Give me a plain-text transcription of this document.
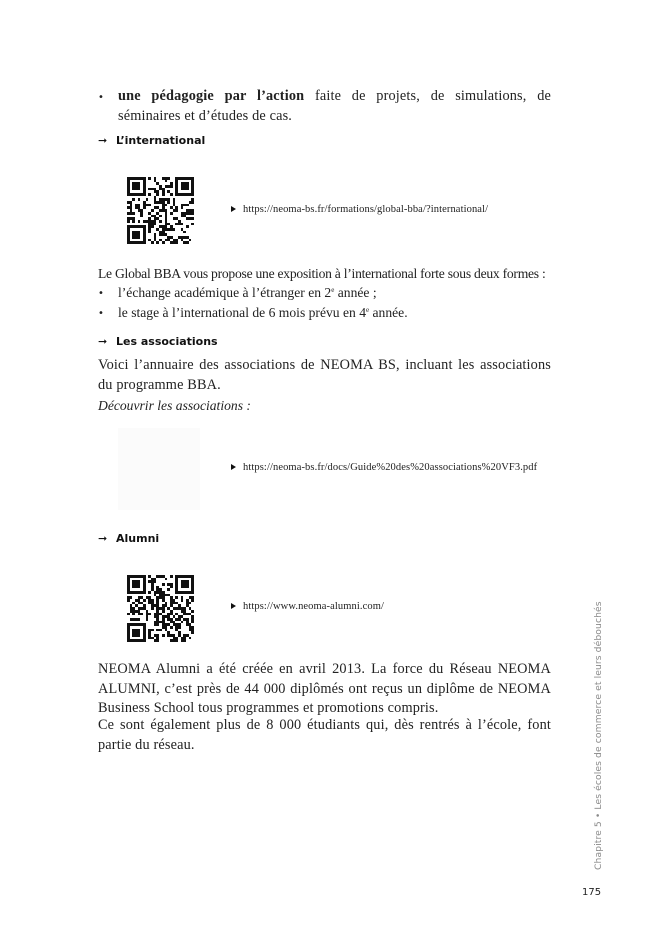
• une pédagogie par l’action faite de projets, de simulations, de séminaires et d’études de cas.
➞ L’international
https://neoma-bs.fr/formations/global-bba/?international/
Le Global BBA vous propose une exposition à l’international forte sous deux formes :
• l’échange académique à l’étranger en 2e année ;
• le stage à l’international de 6 mois prévu en 4e année.
➞ Les associations
Voici l’annuaire des associations de NEOMA BS, incluant les associations du programme BBA.
Découvrir les associations :
https://neoma-bs.fr/docs/Guide%20des%20associations%20VF3.pdf
➞ Alumni
https://www.neoma-alumni.com/
NEOMA Alumni a été créée en avril 2013. La force du Réseau NEOMA ALUMNI, c’est près de 44 000 diplômés ont reçus un diplôme de NEOMA Business School tous programmes et promotions compris.
Ce sont également plus de 8 000 étudiants qui, dès rentrés à l’école, font partie du réseau.	Chapitre 5 • Les écoles de commerce et leurs débouchés
175
